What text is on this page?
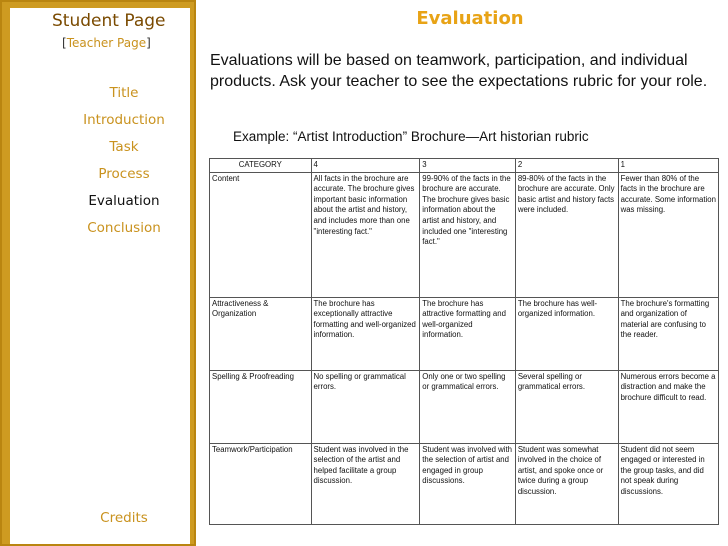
Student Page
[Teacher Page]
Title
Introduction
Task
Process
Evaluation
Conclusion
Credits
Evaluation

Evaluations will be based on teamwork, participation, and individual products. Ask your teacher to see the expectations rubric for your role.

Example: “Artist Introduction” Brochure—Art historian rubric

CATEGORY	4	3	2	1
Content	All facts in the brochure are accurate. The brochure gives important basic information about the artist and history, and includes more than one "interesting fact."	99-90% of the facts in the brochure are accurate. The brochure gives basic information about the artist and history, and included one "interesting fact."	89-80% of the facts in the brochure are accurate. Only basic artist and history facts were included.	Fewer than 80% of the facts in the brochure are accurate. Some information was missing.
Attractiveness & Organization	The brochure has exceptionally attractive formatting and well-organized information.	The brochure has attractive formatting and well-organized information.	The brochure has well-organized information.	The brochure's formatting and organization of material are confusing to the reader.
Spelling & Proofreading	No spelling or grammatical errors.	Only one or two spelling or grammatical errors.	Several spelling or grammatical errors.	Numerous errors become a distraction and make the brochure difficult to read.
Teamwork/Participation	Student was involved in the selection of the artist and helped facilitate a group discussion.	Student was involved with the selection of artist and engaged in group discussions.	Student was somewhat involved in the choice of artist, and spoke once or twice during a group discussion.	Student did not seem engaged or interested in the group tasks, and did not speak during discussions.
